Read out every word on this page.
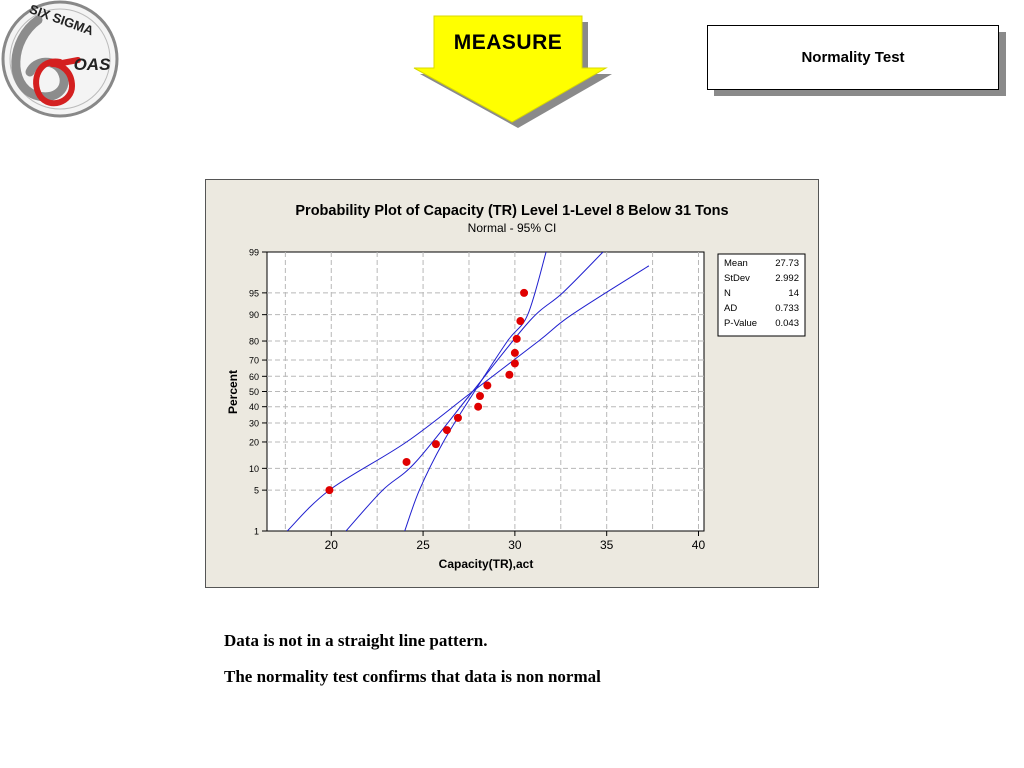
SIX SIGMA
OAS
MEASURE
Normality Test
Probability Plot of Capacity (TR) Level 1-Level 8 Below 31 Tons
Normal - 95% CI
20	25	30	35	40
1
5
10
20
30
40
50
60
70
80
90
95
99
Capacity(TR),act
Percent
Mean	27.73
StDev	2.992
N	14
AD	0.733
P-Value 0.043
Data is not in a straight line pattern.
The normality test confirms that data is non normal
